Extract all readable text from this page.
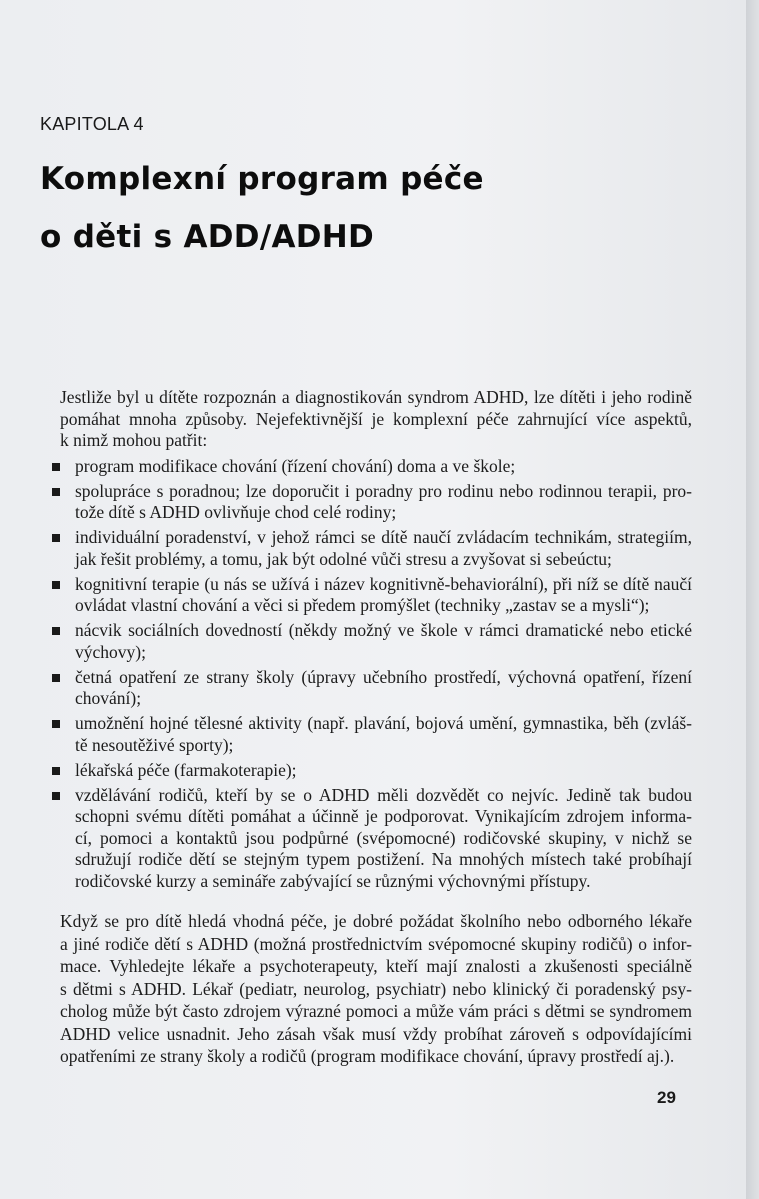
KAPITOLA 4
Komplexní program péče
o děti s ADD/ADHD
Jestliže byl u dítěte rozpoznán a diagnostikován syndrom ADHD, lze dítěti i jeho rodině
pomáhat mnoha způsoby. Nejefektivnější je komplexní péče zahrnující více aspektů,
k nimž mohou patřit:
program modifikace chování (řízení chování) doma a ve škole;
spolupráce s poradnou; lze doporučit i poradny pro rodinu nebo rodinnou terapii, pro-
tože dítě s ADHD ovlivňuje chod celé rodiny;
individuální poradenství, v jehož rámci se dítě naučí zvládacím technikám, strategiím,
jak řešit problémy, a tomu, jak být odolné vůči stresu a zvyšovat si sebeúctu;
kognitivní terapie (u nás se užívá i název kognitivně-behaviorální), při níž se dítě naučí
ovládat vlastní chování a věci si předem promýšlet (techniky „zastav se a mysli“);
nácvik sociálních dovedností (někdy možný ve škole v rámci dramatické nebo etické
výchovy);
četná opatření ze strany školy (úpravy učebního prostředí, výchovná opatření, řízení
chování);
umožnění hojné tělesné aktivity (např. plavání, bojová umění, gymnastika, běh (zvláš-
tě nesoutěživé sporty);
lékařská péče (farmakoterapie);
vzdělávání rodičů, kteří by se o ADHD měli dozvědět co nejvíc. Jedině tak budou
schopni svému dítěti pomáhat a účinně je podporovat. Vynikajícím zdrojem informa-
cí, pomoci a kontaktů jsou podpůrné (svépomocné) rodičovské skupiny, v nichž se
sdružují rodiče dětí se stejným typem postižení. Na mnohých místech také probíhají
rodičovské kurzy a semináře zabývající se různými výchovnými přístupy.
Když se pro dítě hledá vhodná péče, je dobré požádat školního nebo odborného lékaře
a jiné rodiče dětí s ADHD (možná prostřednictvím svépomocné skupiny rodičů) o infor-
mace. Vyhledejte lékaře a psychoterapeuty, kteří mají znalosti a zkušenosti speciálně
s dětmi s ADHD. Lékař (pediatr, neurolog, psychiatr) nebo klinický či poradenský psy-
cholog může být často zdrojem výrazné pomoci a může vám práci s dětmi se syndromem
ADHD velice usnadnit. Jeho zásah však musí vždy probíhat zároveň s odpovídajícími
opatřeními ze strany školy a rodičů (program modifikace chování, úpravy prostředí aj.).
29
